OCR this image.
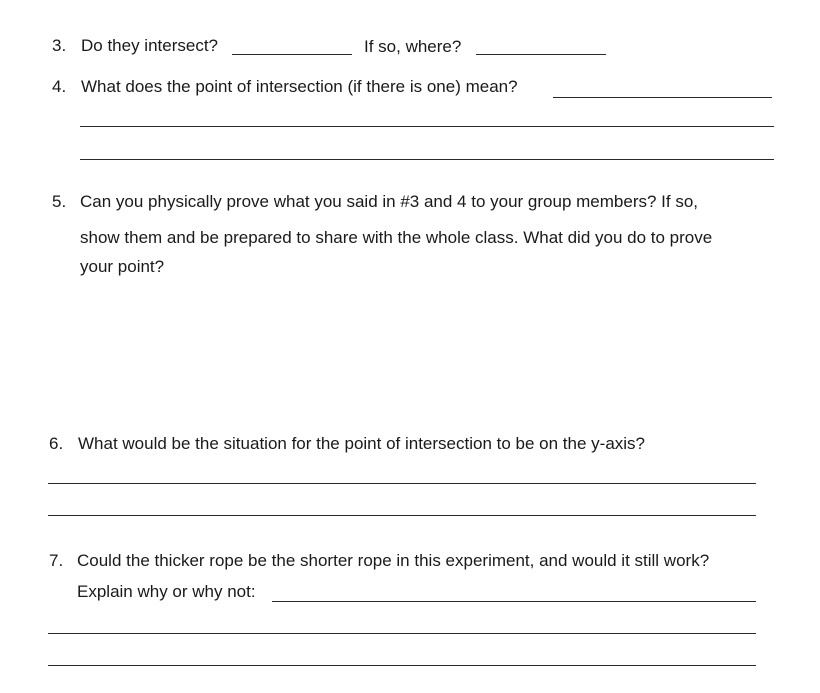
3. Do they intersect?	If so, where?
4. What does the point of intersection (if there is one) mean?
5. Can you physically prove what you said in #3 and 4 to your group members? If so,
show them and be prepared to share with the whole class. What did you do to prove
your point?
6. What would be the situation for the point of intersection to be on the y-axis?
7. Could the thicker rope be the shorter rope in this experiment, and would it still work?
Explain why or why not:
